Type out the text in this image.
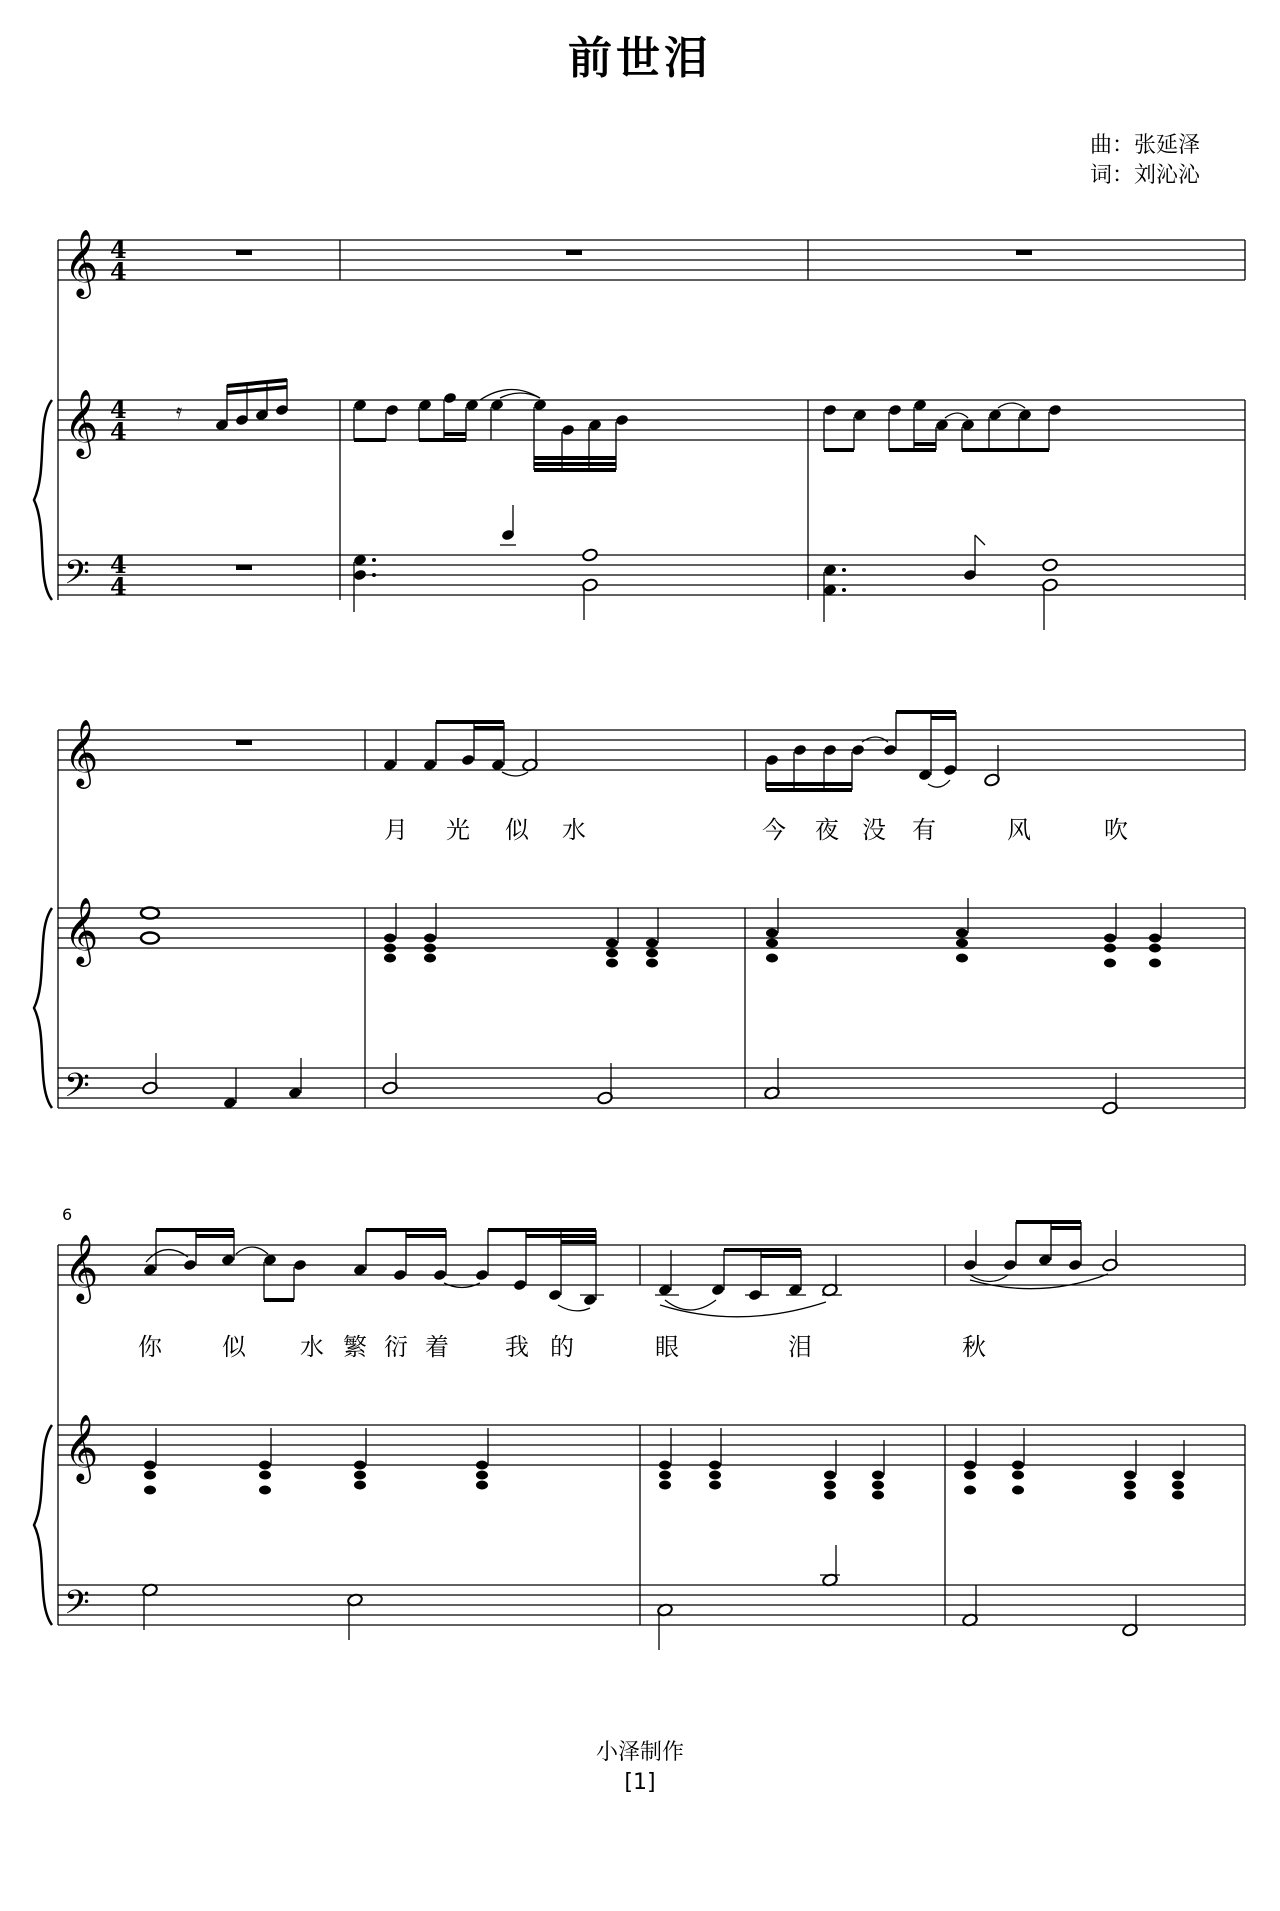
前世泪
曲：张延泽
词：刘沁沁
𝄞
𝄞
𝄢
4
4
4
4
4
4
𝄿
𝄞
𝄞
𝄢
月 光 似 水	今 夜 没 有	风	吹
6
𝄞
𝄞
𝄢
你	似 水 繁 衍 着 我 的	眼	泪	秋
小泽制作
[1]
